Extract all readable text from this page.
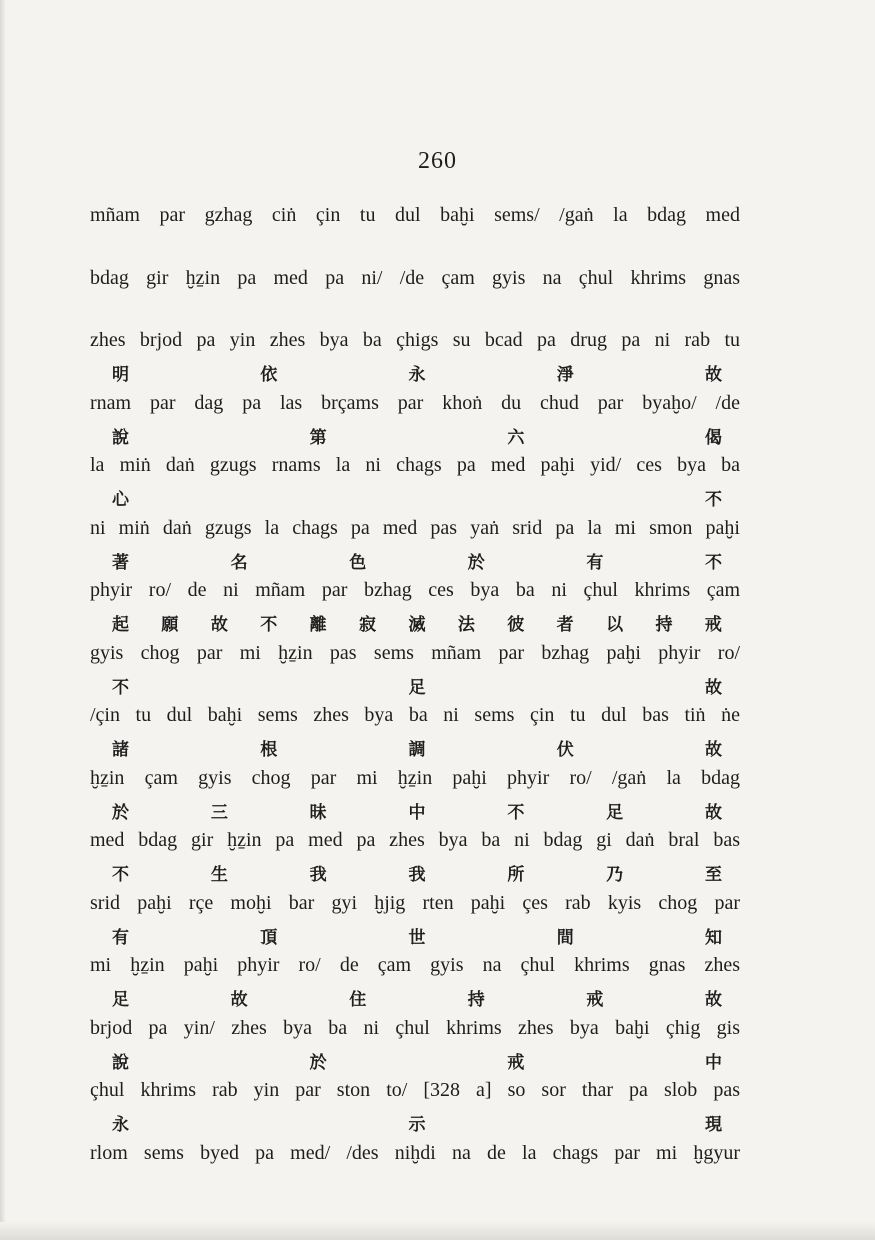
260
mñam par gzhag ciṅ çin tu dul baḫi sems/ /gaṅ la bdag med
bdag gir ḫẕin pa med pa ni/ /de çam gyis na çhul khrims gnas
zhes brjod pa yin zhes bya ba çhigs su bcad pa drug pa ni rab tu
明	依	永	淨	故
rnam par dag pa las brçams par khoṅ du chud par byaḫo/ /de
說	第	六	偈
la miṅ daṅ gzugs rnams la ni chags pa med paḫi yid/ ces bya ba
心	不
ni miṅ daṅ gzugs la chags pa med pas yaṅ srid pa la mi smon paḫi
著	名	色	於	有	不
phyir ro/ de ni mñam par bzhag ces bya ba ni çhul khrims çam
起 願 故 不 離 寂 滅 法 彼 者 以 持 戒
gyis chog par mi ḫẕin pas sems mñam par bzhag paḫi phyir ro/
不	足	故
/çin tu dul baḫi sems zhes bya ba ni sems çin tu dul bas tiṅ ṅe
諸	根	調	伏	故
ḫẕin çam gyis chog par mi ḫẕin paḫi phyir ro/ /gaṅ la bdag
於	三	昧	中	不	足	故
med bdag gir ḫẕin pa med pa zhes bya ba ni bdag gi daṅ bral bas
不	生	我	我	所	乃	至
srid paḫi rçe moḫi bar gyi ḫjig rten paḫi çes rab kyis chog par
有	頂	世	間	知
mi ḫẕin paḫi phyir ro/ de çam gyis na çhul khrims gnas zhes
足	故	住	持	戒	故
brjod pa yin/ zhes bya ba ni çhul khrims zhes bya baḫi çhig gis
說	於	戒	中
çhul khrims rab yin par ston to/ [328 a] so sor thar pa slob pas
永	示	現
rlom sems byed pa med/ /des niḫdi na de la chags par mi ḫgyur
